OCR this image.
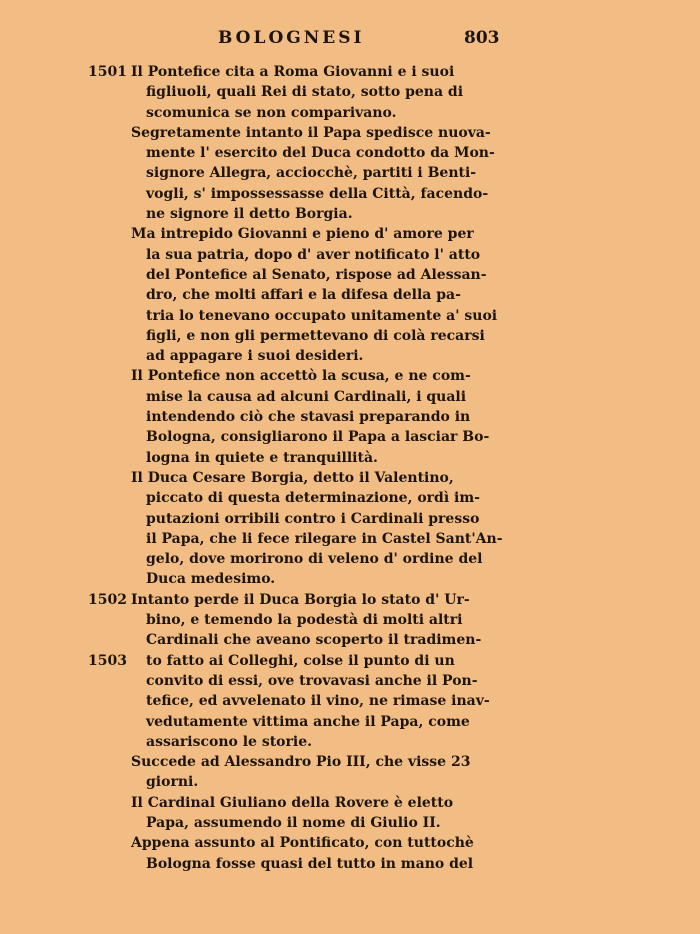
BOLOGNESI	803
1501 Il Pontefice cita a Roma Giovanni e i suoi
figliuoli, quali Rei di stato, sotto pena di
scomunica se non comparivano.
Segretamente intanto il Papa spedisce nuova-
mente l' esercito del Duca condotto da Mon-
signore Allegra, acciocchè, partiti i Benti-
vogli, s' impossessasse della Città, facendo-
ne signore il detto Borgia.
Ma intrepido Giovanni e pieno d' amore per
la sua patria, dopo d' aver notificato l' atto
del Pontefice al Senato, rispose ad Alessan-
dro, che molti affari e la difesa della pa-
tria lo tenevano occupato unitamente a' suoi
figli, e non gli permettevano di colà recarsi
ad appagare i suoi desideri.
Il Pontefice non accettò la scusa, e ne com-
mise la causa ad alcuni Cardinali, i quali
intendendo ciò che stavasi preparando in
Bologna, consigliarono il Papa a lasciar Bo-
logna in quiete e tranquillità.
Il Duca Cesare Borgia, detto il Valentino,
piccato di questa determinazione, ordì im-
putazioni orribili contro i Cardinali presso
il Papa, che li fece rilegare in Castel Sant'An-
gelo, dove morirono di veleno d' ordine del
Duca medesimo.
1502 Intanto perde il Duca Borgia lo stato d' Ur-
bino, e temendo la podestà di molti altri
Cardinali che aveano scoperto il tradimen-
1503 to fatto ai Colleghi, colse il punto di un
convito di essi, ove trovavasi anche il Pon-
tefice, ed avvelenato il vino, ne rimase inav-
vedutamente vittima anche il Papa, come
assariscono le storie.
Succede ad Alessandro Pio III, che visse 23
giorni.
Il Cardinal Giuliano della Rovere è eletto
Papa, assumendo il nome di Giulio II.
Appena assunto al Pontificato, con tuttochè
Bologna fosse quasi del tutto in mano del
